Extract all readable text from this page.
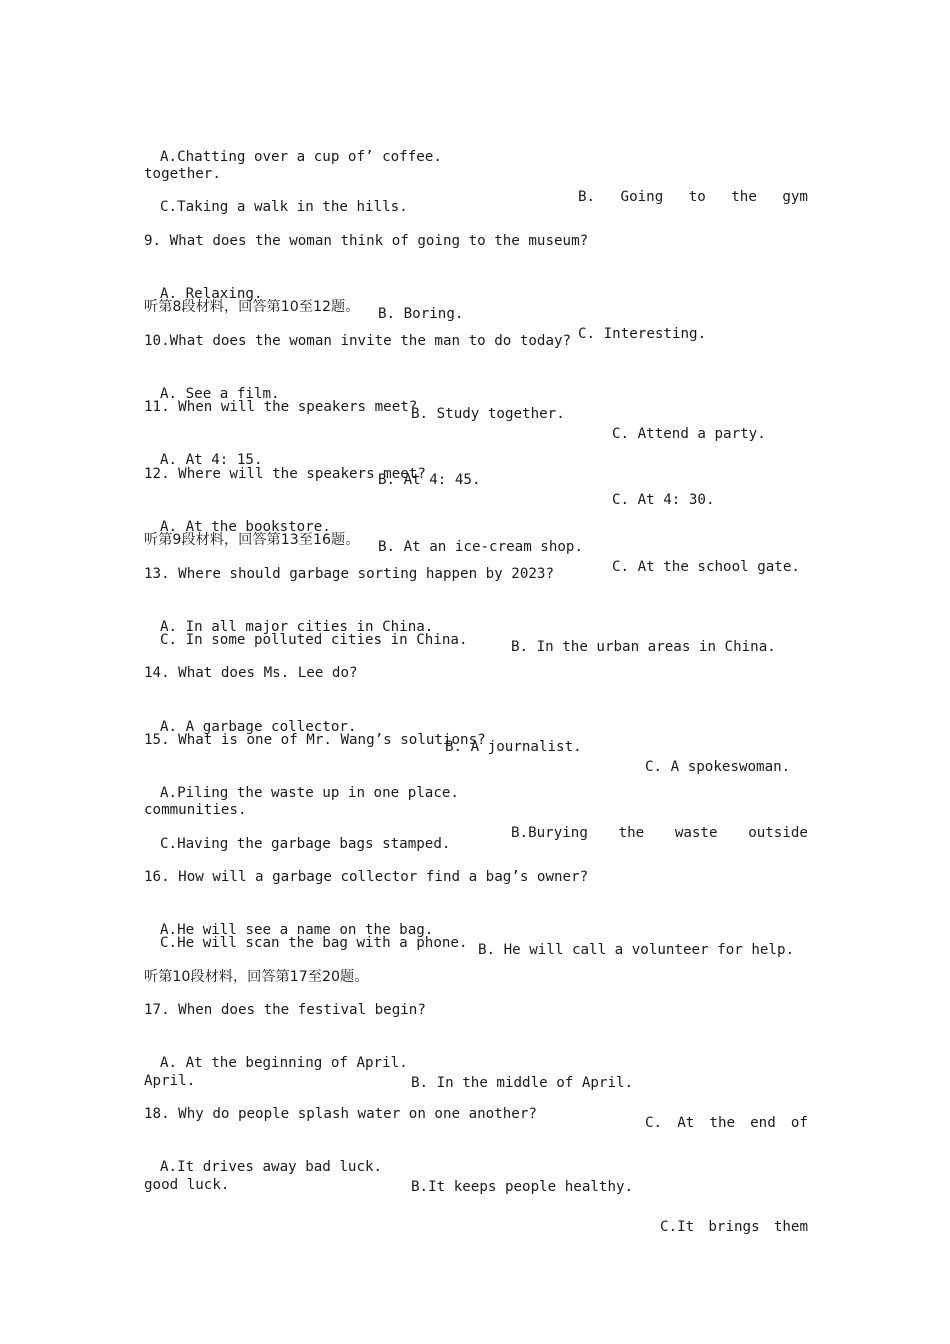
A.Chatting over a cup of’ coffee.

B. Going to the gym

together.
C.Taking a walk in the hills.
9. What does the woman think of going to the museum?

A. Relaxing.

B. Boring.

C. Interesting.

听第8段材料，回答第10至12题。
10.What does the woman invite the man to do today?

A. See a film.

B. Study together.

C. Attend a party.

11. When will the speakers meet?

A. At 4: 15.

B. At 4: 45.

C. At 4: 30.

12. Where will the speakers meet?

A. At the bookstore.

B. At an ice-cream shop.

C. At the school gate.

听第9段材料，回答第13至16题。
13. Where should garbage sorting happen by 2023?

A. In all major cities in China.

B. In the urban areas in China.

C. In some polluted cities in China.
14. What does Ms. Lee do?

A. A garbage collector.

B. A journalist.

C. A spokeswoman.

15. What is one of Mr. Wang’s solutions?

A.Piling the waste up in one place.

B.Burying the waste outside

communities.
C.Having the garbage bags stamped.
16. How will a garbage collector find a bag’s owner?

A.He will see a name on the bag.

B. He will call a volunteer for help.

C.He will scan the bag with a phone.
听第10段材料，回答第17至20题。
17. When does the festival begin?

A. At the beginning of April.

B. In the middle of April.

C. At the end of

April.
18. Why do people splash water on one another?

A.It drives away bad luck.

B.It keeps people healthy.

C.It brings them

good luck.
